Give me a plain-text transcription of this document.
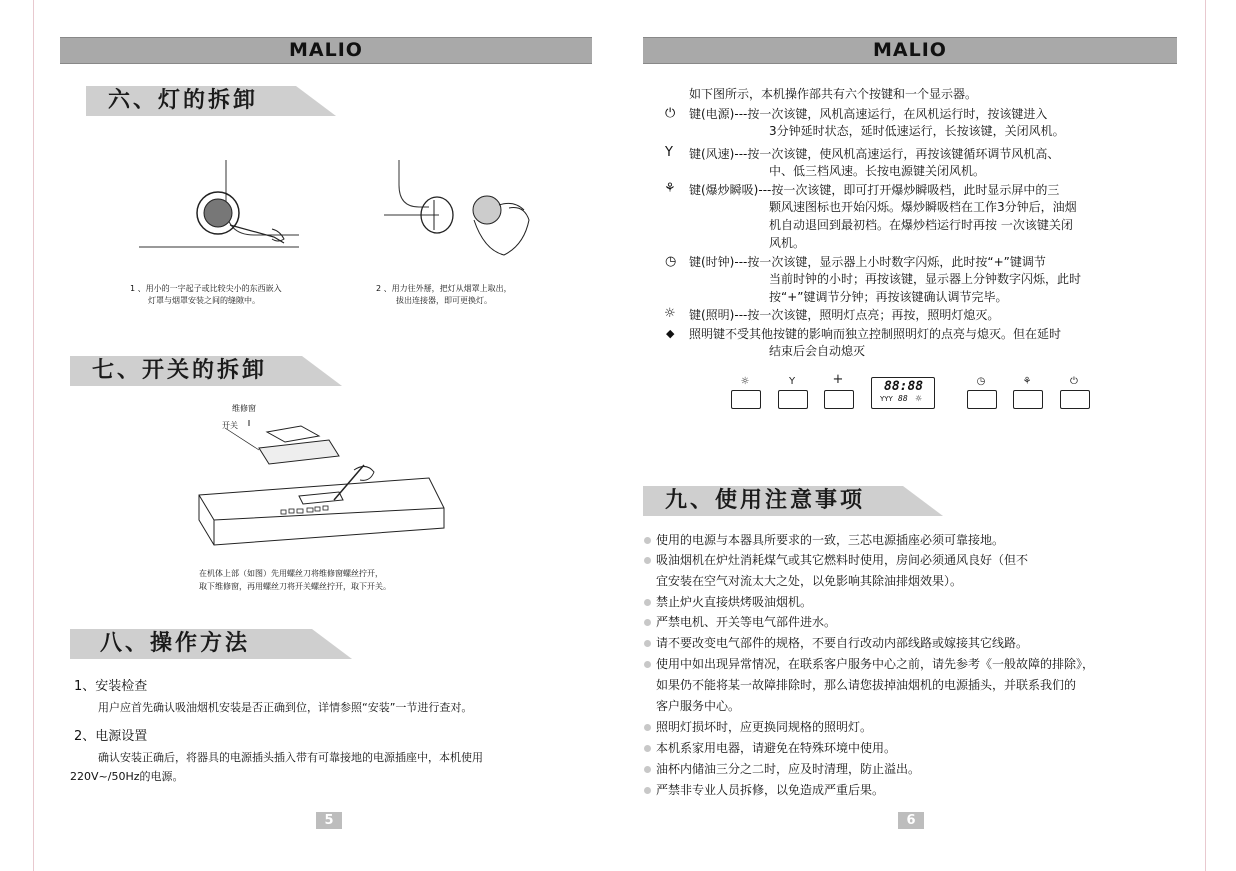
MALIO
六、灯的拆卸
1 、用小的一字起子或比较尖小的东西嵌入
灯罩与烟罩安装之间的缝隙中。
2 、用力往外掰，把灯从烟罩上取出，
拔出连接器，即可更换灯。
七、开关的拆卸
维修窗
开关
在机体上部（如图）先用螺丝刀将维修窗螺丝拧开，
取下维修窗，再用螺丝刀将开关螺丝拧开，取下开关。
八、操作方法
1、安装检查
用户应首先确认吸油烟机安装是否正确到位，详情参照“安装”一节进行查对。
2、电源设置
确认安装正确后，将器具的电源插头插入带有可靠接地的电源插座中，本机使用
220V~/50Hz的电源。
5
MALIO
如下图所示，本机操作部共有六个按键和一个显示器。
⏻ 键(电源)---按一次该键，风机高速运行，在风机运行时，按该键进入
3分钟延时状态，延时低速运行，长按该键，关闭风机。
Y 键(风速)---按一次该键，使风机高速运行，再按该键循环调节风机高、
中、低三档风速。长按电源键关闭风机。
⚘ 键(爆炒瞬吸)---按一次该键，即可打开爆炒瞬吸档，此时显示屏中的三
颗风速图标也开始闪烁。爆炒瞬吸档在工作3分钟后，油烟
机自动退回到最初档。在爆炒档运行时再按 一次该键关闭
风机。
◷ 键(时钟)---按一次该键，显示器上小时数字闪烁，此时按“+”键调节
当前时钟的小时；再按该键，显示器上分钟数字闪烁，此时
按“+”键调节分钟；再按该键确认调节完毕。
☼ 键(照明)---按一次该键，照明灯点亮；再按，照明灯熄灭。
◆ 照明键不受其他按键的影响而独立控制照明灯的点亮与熄灭。但在延时
结束后会自动熄灭
☼	Y	+	88:88
YYY 88 ☼
◷	⚘	⏻
九、使用注意事项
使用的电源与本器具所要求的一致，三芯电源插座必须可靠接地。
吸油烟机在炉灶消耗煤气或其它燃料时使用，房间必须通风良好（但不
宜安装在空气对流太大之处，以免影响其除油排烟效果）。
禁止炉火直接烘烤吸油烟机。
严禁电机、开关等电气部件进水。
请不要改变电气部件的规格，不要自行改动内部线路或嫁接其它线路。
使用中如出现异常情况，在联系客户服务中心之前，请先参考《一般故障的排除》，
如果仍不能将某一故障排除时，那么请您拔掉油烟机的电源插头，并联系我们的
客户服务中心。
照明灯损坏时，应更换同规格的照明灯。
本机系家用电器，请避免在特殊环境中使用。
油杯内储油三分之二时，应及时清理，防止溢出。
严禁非专业人员拆修，以免造成严重后果。
6
